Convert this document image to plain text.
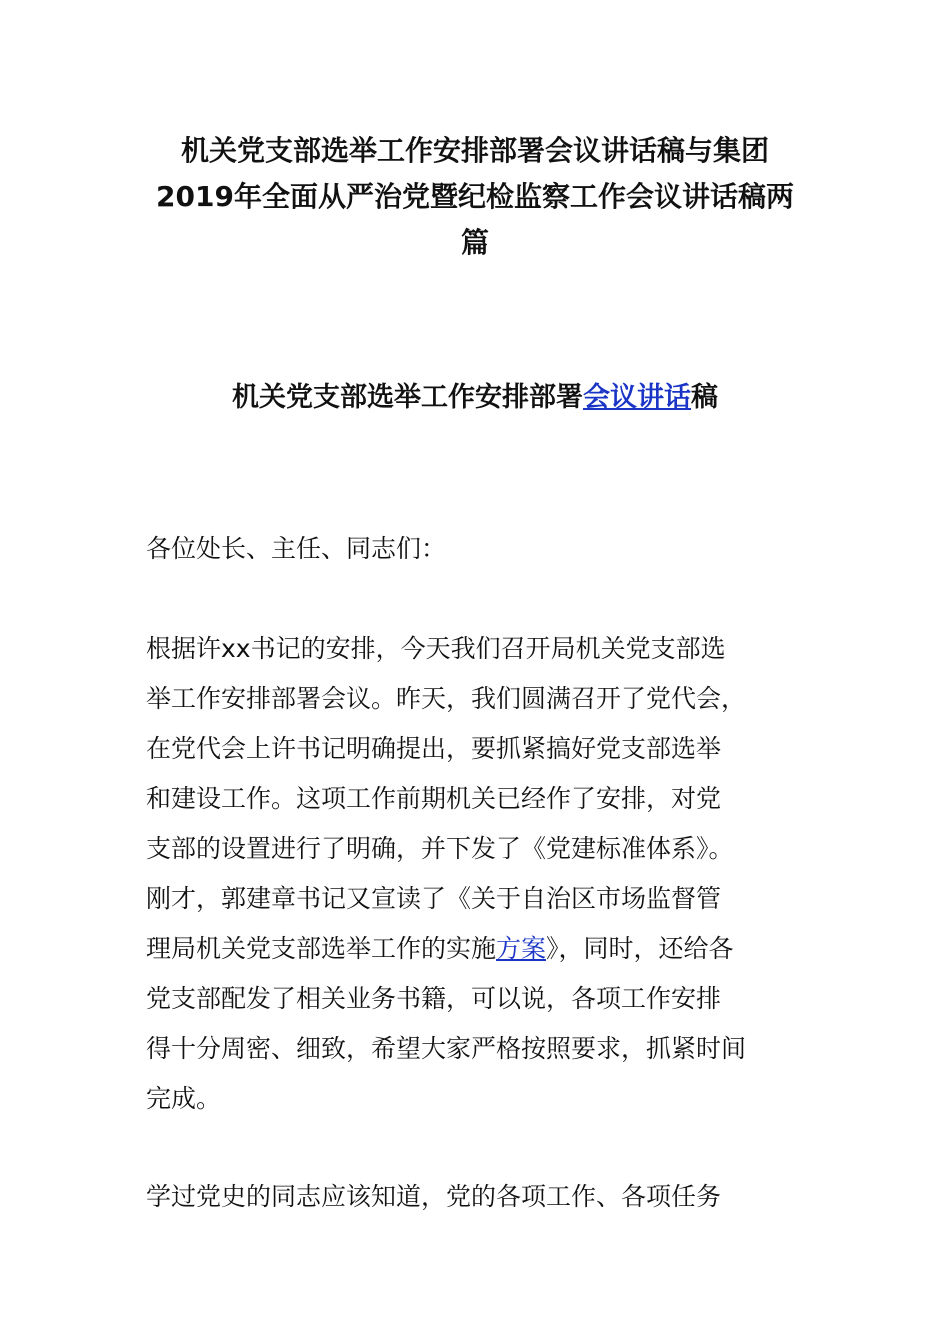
机关党支部选举工作安排部署会议讲话稿与集团
2019年全面从严治党暨纪检监察工作会议讲话稿两
篇
机关党支部选举工作安排部署会议讲话稿

各位处长、主任、同志们：

根据许xx书记的安排，今天我们召开局机关党支部选
举工作安排部署会议。昨天，我们圆满召开了党代会，
在党代会上许书记明确提出，要抓紧搞好党支部选举
和建设工作。这项工作前期机关已经作了安排，对党
支部的设置进行了明确，并下发了《党建标准体系》。
刚才，郭建章书记又宣读了《关于自治区市场监督管
理局机关党支部选举工作的实施方案》，同时，还给各
党支部配发了相关业务书籍，可以说，各项工作安排
得十分周密、细致，希望大家严格按照要求，抓紧时间
完成。

学过党史的同志应该知道，党的各项工作、各项任务
